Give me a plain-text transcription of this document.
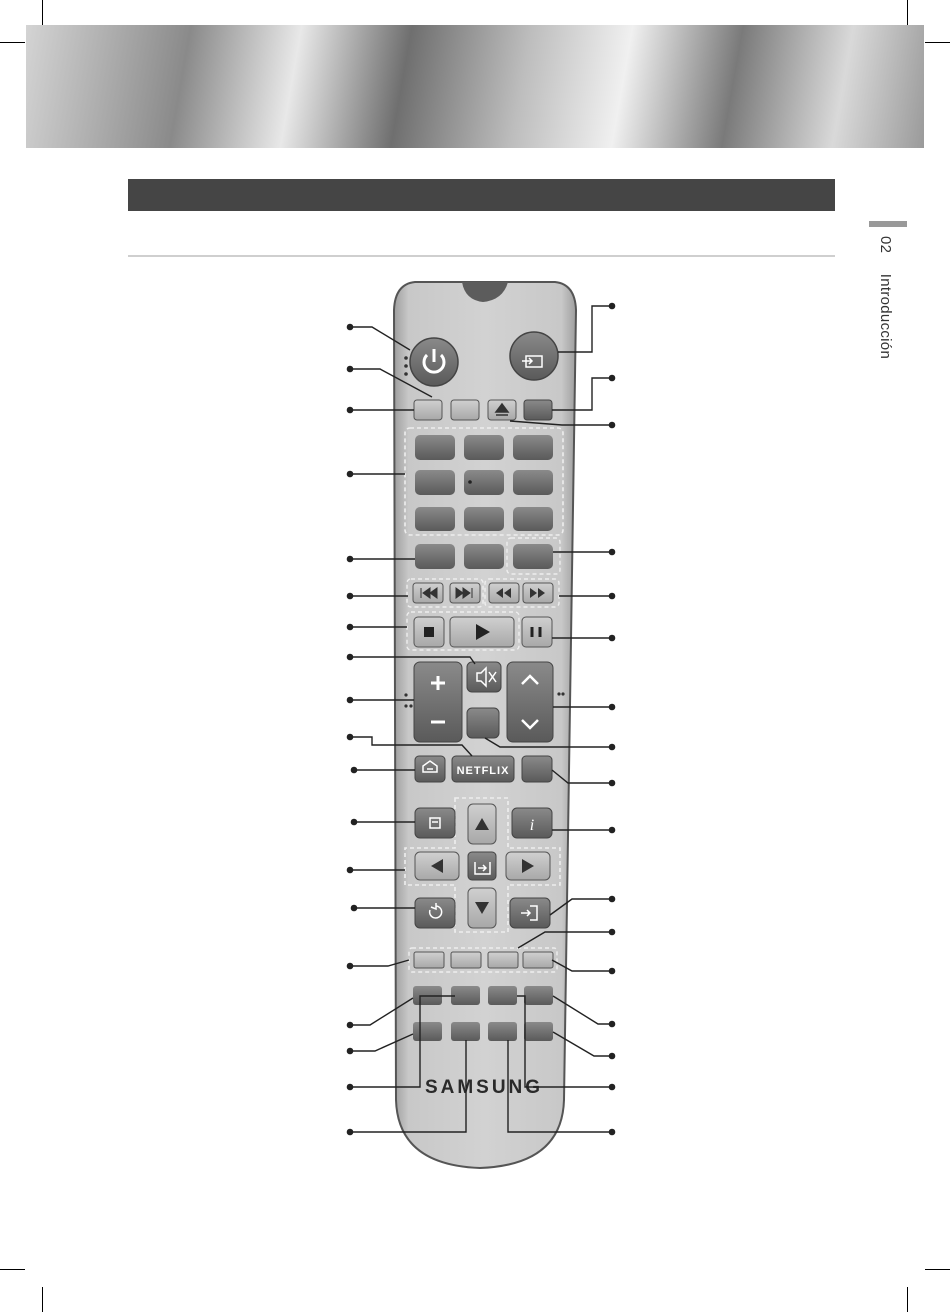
02 Introducción
NETFLIX
i
SAMSUNG
